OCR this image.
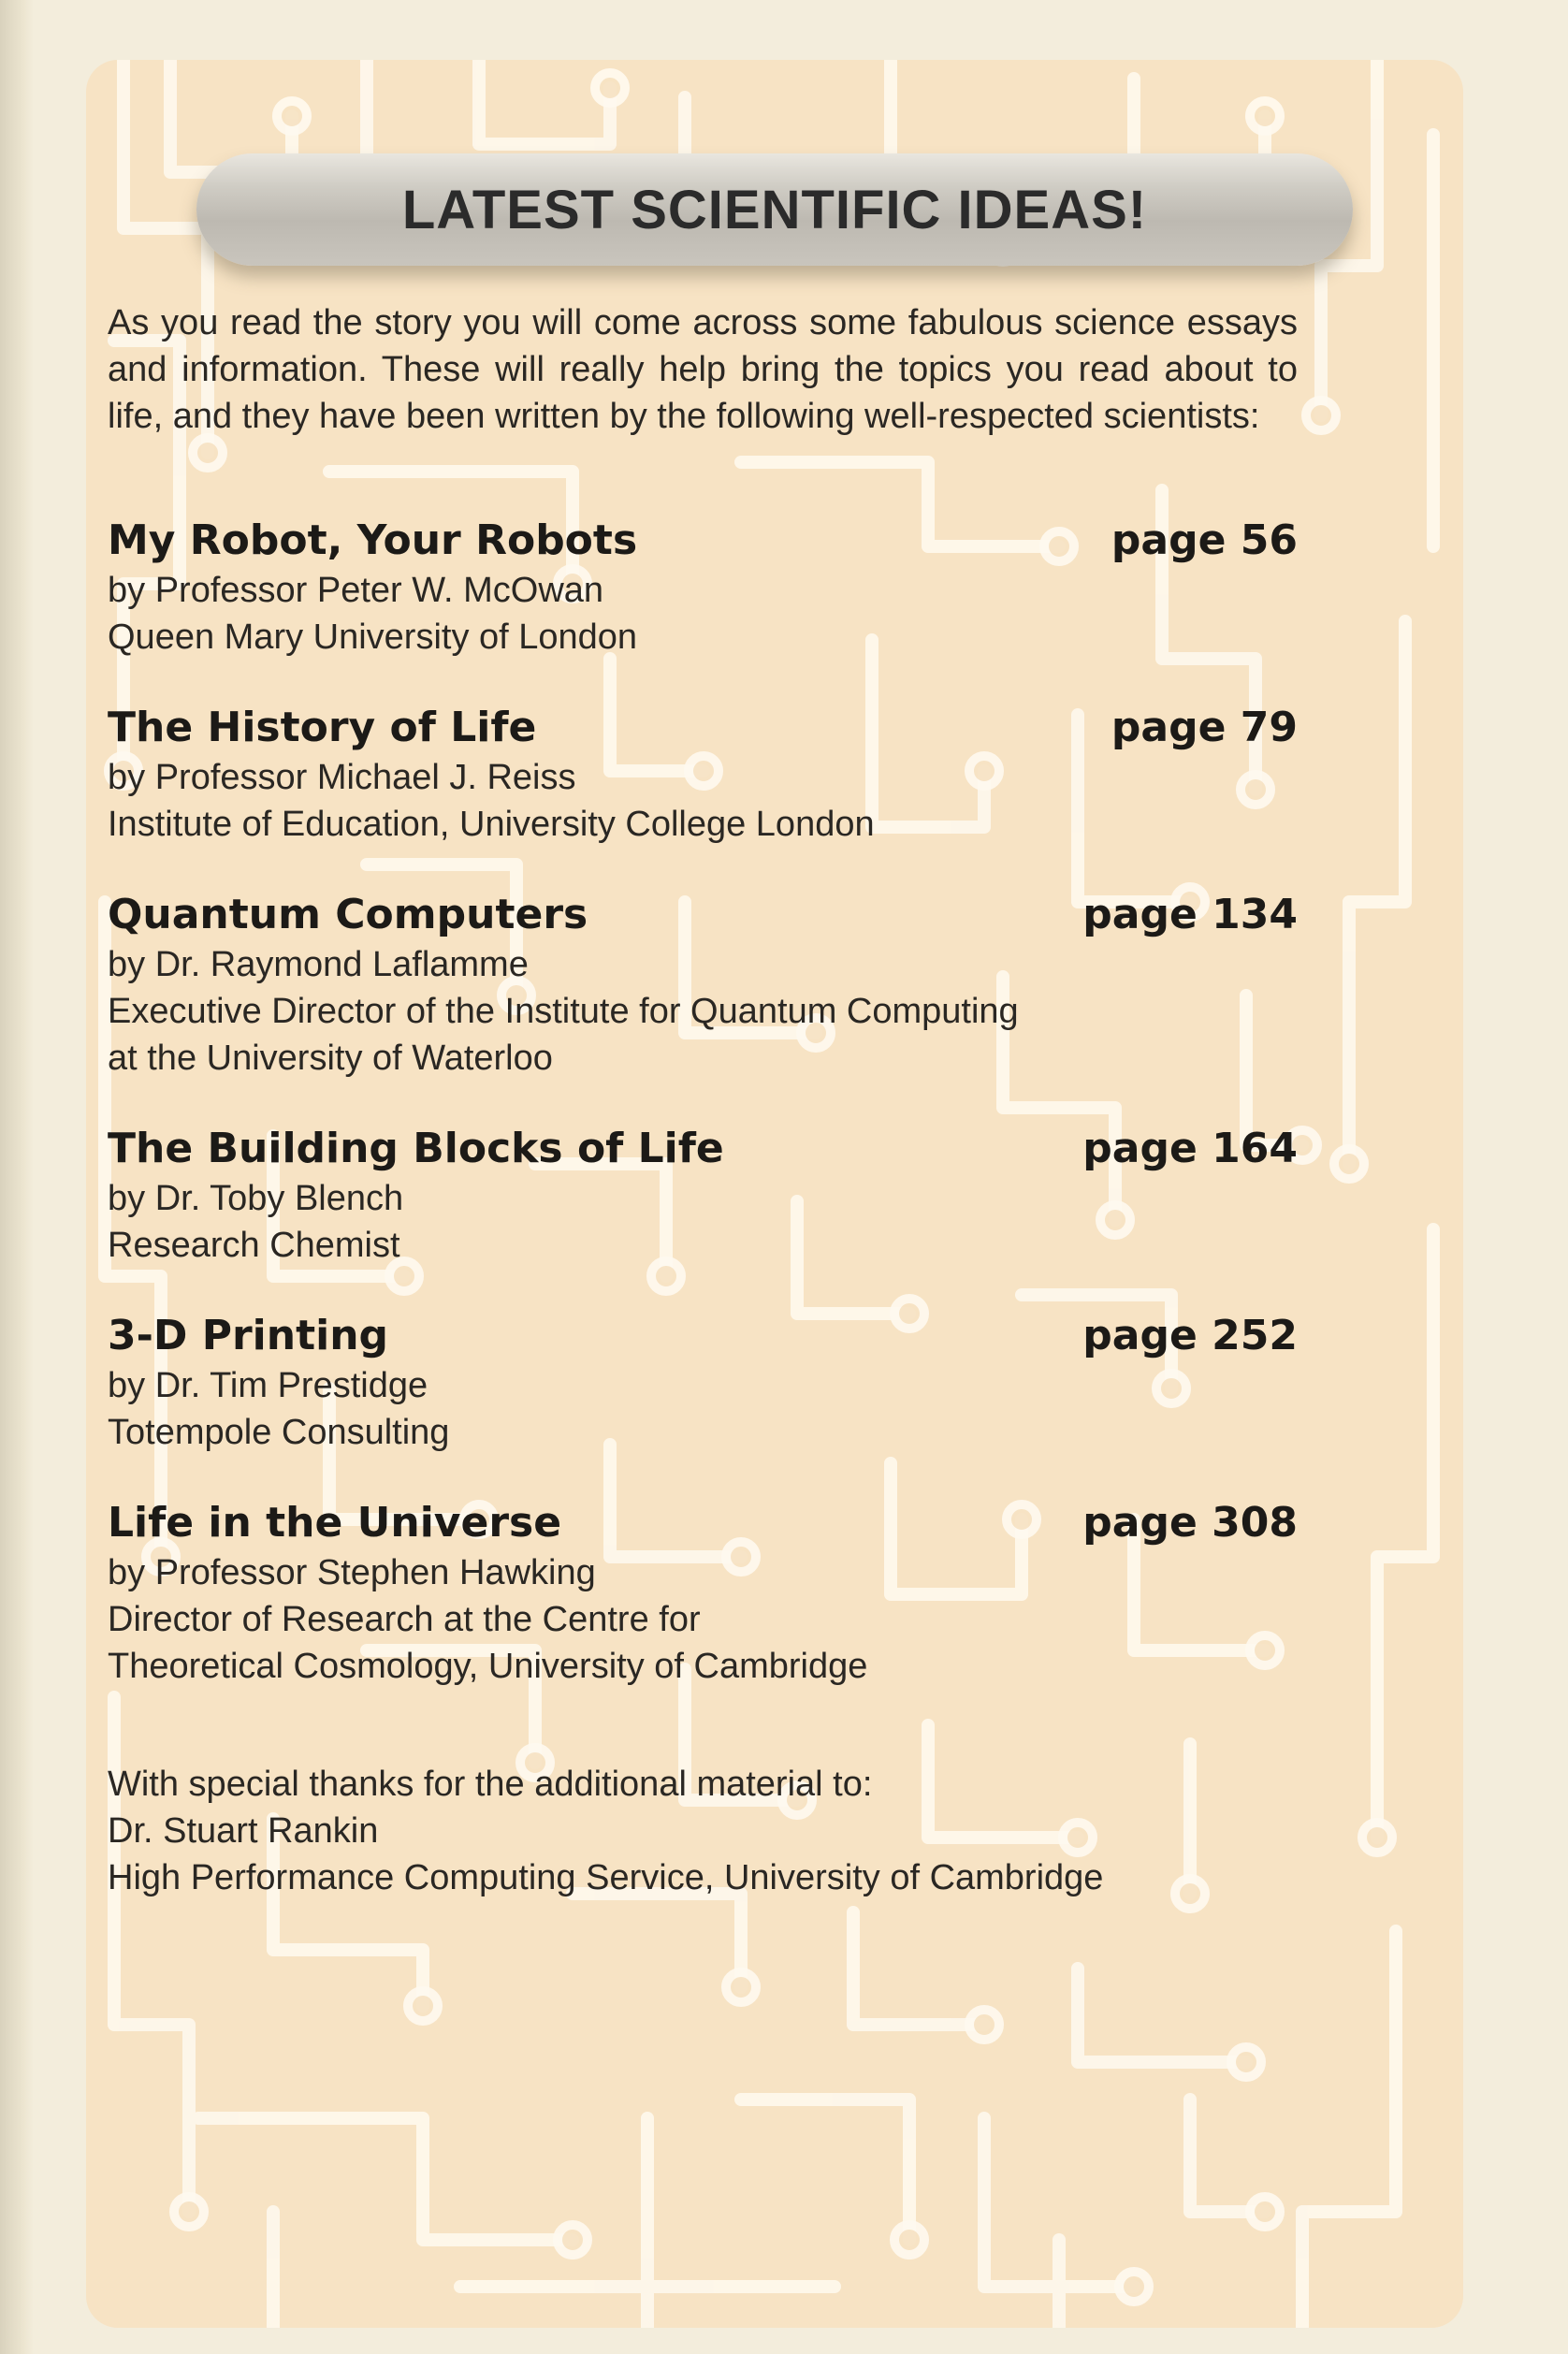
LATEST SCIENTIFIC IDEAS!

As you read the story you will come across some fabulous science essays and information. These will really help bring the topics you read about to life, and they have been written by the following well-respected scientists:

My Robot, Your Robots	page 56
by Professor Peter W. McOwan
Queen Mary University of London
The History of Life	page 79
by Professor Michael J. Reiss
Institute of Education, University College London
Quantum Computers	page 134
by Dr. Raymond Laflamme
Executive Director of the Institute for Quantum Computing
at the University of Waterloo
The Building Blocks of Life	page 164
by Dr. Toby Blench
Research Chemist
3-D Printing	page 252
by Dr. Tim Prestidge
Totempole Consulting
Life in the Universe	page 308
by Professor Stephen Hawking
Director of Research at the Centre for
Theoretical Cosmology, University of Cambridge
With special thanks for the additional material to:
Dr. Stuart Rankin
High Performance Computing Service, University of Cambridge
